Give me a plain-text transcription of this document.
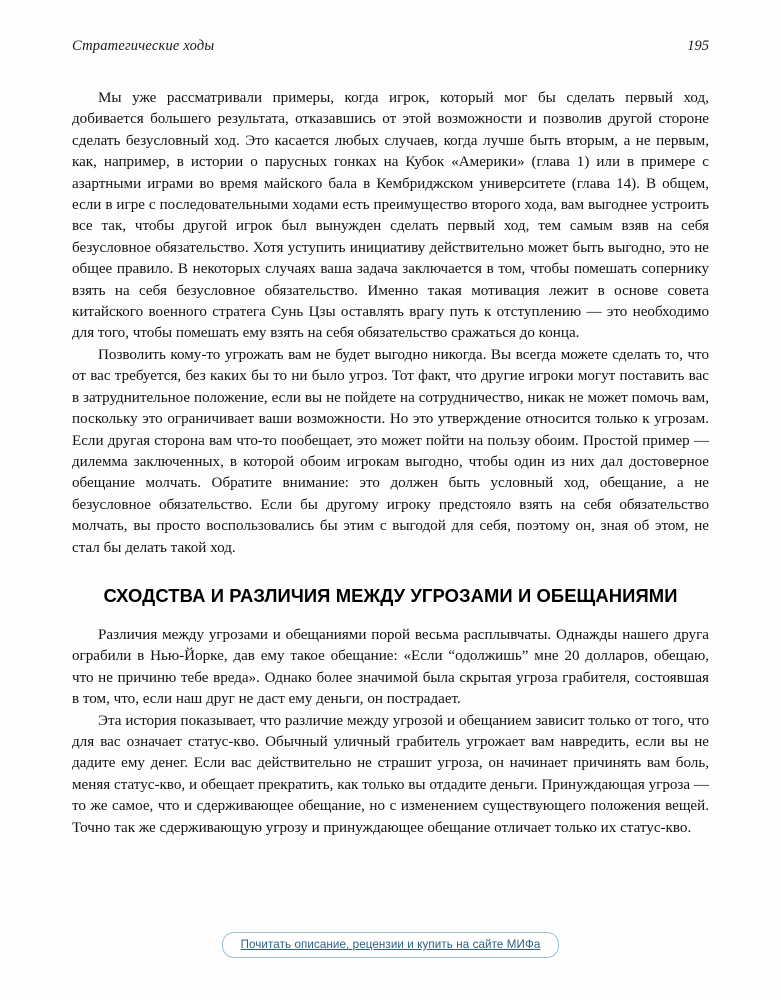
Стратегические ходы	195

Мы уже рассматривали примеры, когда игрок, который мог бы сделать первый ход, добивается большего результата, отказавшись от этой возможности и позволив другой стороне сделать безусловный ход. Это касается любых случаев, когда лучше быть вторым, а не первым, как, например, в истории о парусных гонках на Кубок «Америки» (глава 1) или в примере с азартными играми во время майского бала в Кембриджском университете (глава 14). В общем, если в игре с последовательными ходами есть преимущество второго хода, вам выгоднее устроить все так, чтобы другой игрок был вынужден сделать первый ход, тем самым взяв на себя безусловное обязательство. Хотя уступить инициативу действительно может быть выгодно, это не общее правило. В некоторых случаях ваша задача заключается в том, чтобы помешать сопернику взять на себя безусловное обязательство. Именно такая мотивация лежит в основе совета китайского военного стратега Сунь Цзы оставлять врагу путь к отступлению — это необходимо для того, чтобы помешать ему взять на себя обязательство сражаться до конца.

Позволить кому-то угрожать вам не будет выгодно никогда. Вы всегда можете сделать то, что от вас требуется, без каких бы то ни было угроз. Тот факт, что другие игроки могут поставить вас в затруднительное положение, если вы не пойдете на сотрудничество, никак не может помочь вам, поскольку это ограничивает ваши возможности. Но это утверждение относится только к угрозам. Если другая сторона вам что-то пообещает, это может пойти на пользу обоим. Простой пример — дилемма заключенных, в которой обоим игрокам выгодно, чтобы один из них дал достоверное обещание молчать. Обратите внимание: это должен быть условный ход, обещание, а не безусловное обязательство. Если бы другому игроку предстояло взять на себя обязательство молчать, вы просто воспользовались бы этим с выгодой для себя, поэтому он, зная об этом, не стал бы делать такой ход.

СХОДСТВА И РАЗЛИЧИЯ МЕЖДУ УГРОЗАМИ И ОБЕЩАНИЯМИ

Различия между угрозами и обещаниями порой весьма расплывчаты. Однажды нашего друга ограбили в Нью-Йорке, дав ему такое обещание: «Если “одолжишь” мне 20 долларов, обещаю, что не причиню тебе вреда». Однако более значимой была скрытая угроза грабителя, состоявшая в том, что, если наш друг не даст ему деньги, он пострадает.

Эта история показывает, что различие между угрозой и обещанием зависит только от того, что для вас означает статус-кво. Обычный уличный грабитель угрожает вам навредить, если вы не дадите ему денег. Если вас действительно не страшит угроза, он начинает причинять вам боль, меняя статус-кво, и обещает прекратить, как только вы отдадите деньги. Принуждающая угроза — то же самое, что и сдерживающее обещание, но с изменением существующего положения вещей. Точно так же сдерживающую угрозу и принуждающее обещание отличает только их статус-кво.

Почитать описание, рецензии и купить на сайте МИФа
